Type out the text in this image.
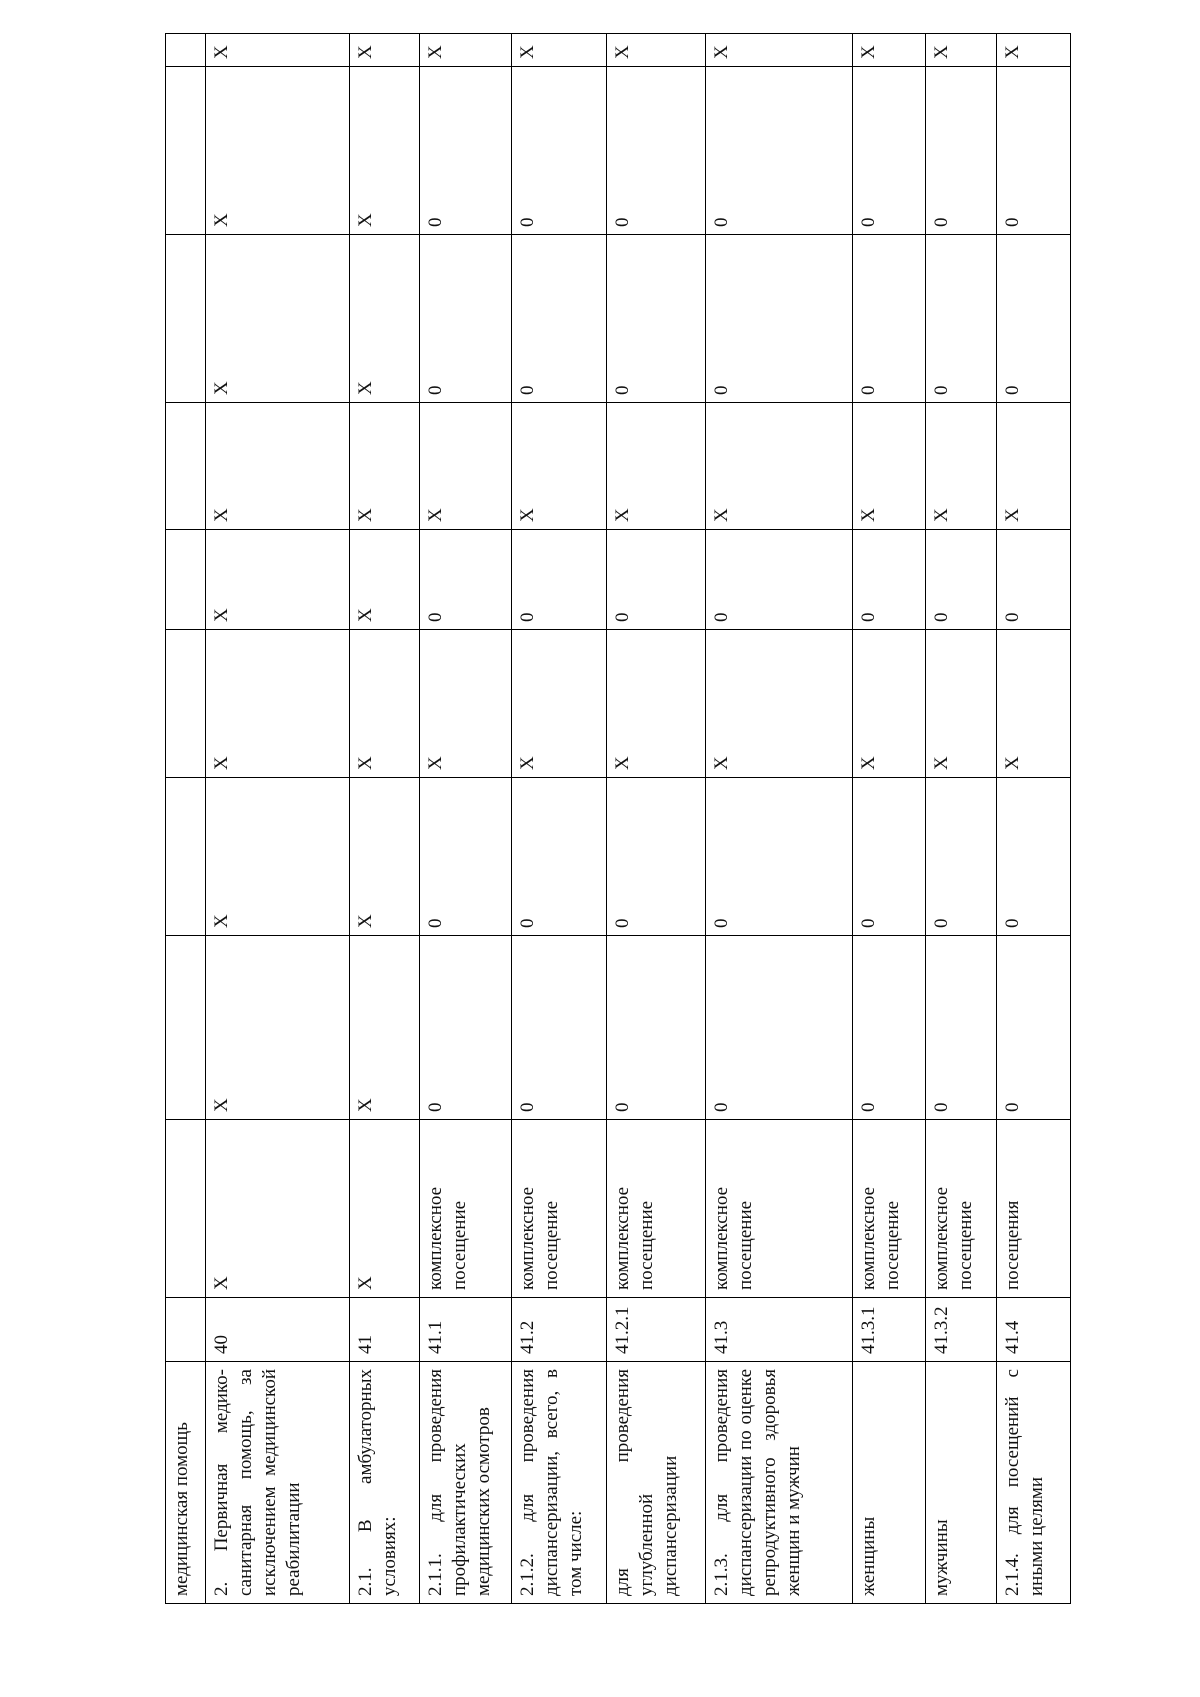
медицинская помощь										
2. Первичная медико-санитарная помощь, за исключением медицинской реабилитации	40	X	X	X	X	X	X	X	X	X
2.1. В амбулаторных условиях:	41	X	X	X	X	X	X	X	X	X
2.1.1. для проведения профилактических медицинских осмотров	41.1	комплексное посещение	0	0	X	0	X	0	0	X
2.1.2. для проведения диспансеризации, всего, в том числе:	41.2	комплексное посещение	0	0	X	0	X	0	0	X
для проведения углубленной диспансеризации	41.2.1	комплексное посещение	0	0	X	0	X	0	0	X
2.1.3. для проведения диспансеризации по оценке репродуктивного здоровья женщин и мужчин	41.3	комплексное посещение	0	0	X	0	X	0	0	X
женщины	41.3.1	комплексное посещение	0	0	X	0	X	0	0	X
мужчины	41.3.2	комплексное посещение	0	0	X	0	X	0	0	X
2.1.4. для посещений с иными целями	41.4	посещения	0	0	X	0	X	0	0	X
